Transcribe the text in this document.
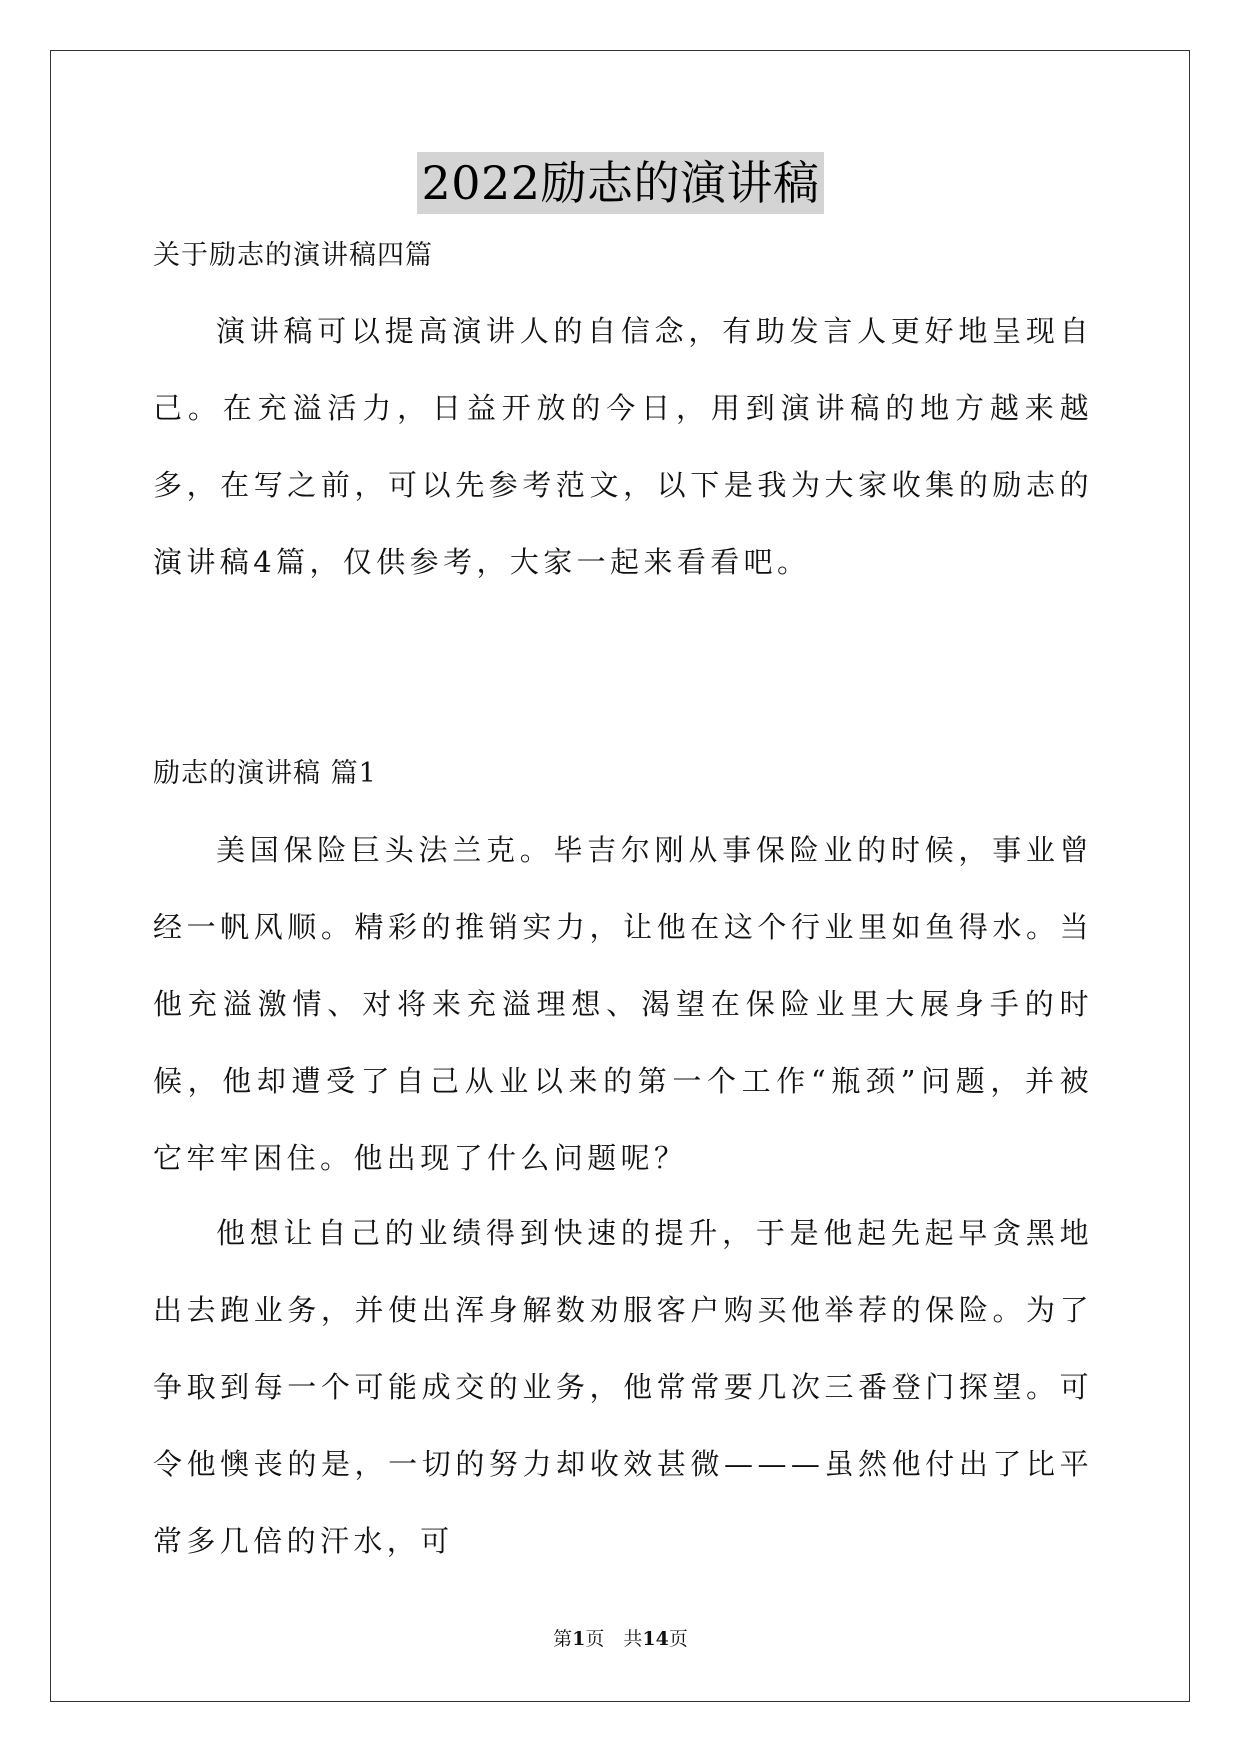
2022励志的演讲稿

关于励志的演讲稿四篇

演讲稿可以提高演讲人的自信念，有助发言人更好地呈现自己。在充溢活力，日益开放的今日，用到演讲稿的地方越来越多，在写之前，可以先参考范文，以下是我为大家收集的励志的演讲稿4篇，仅供参考，大家一起来看看吧。

励志的演讲稿 篇1

美国保险巨头法兰克。毕吉尔刚从事保险业的时候，事业曾经一帆风顺。精彩的推销实力，让他在这个行业里如鱼得水。当他充溢激情、对将来充溢理想、渴望在保险业里大展身手的时候，他却遭受了自己从业以来的第一个工作“瓶颈”问题，并被它牢牢困住。他出现了什么问题呢？

他想让自己的业绩得到快速的提升，于是他起先起早贪黑地出去跑业务，并使出浑身解数劝服客户购买他举荐的保险。为了争取到每一个可能成交的业务，他常常要几次三番登门探望。可令他懊丧的是，一切的努力却收效甚微———虽然他付出了比平常多几倍的汗水，可

第1页　共14页
